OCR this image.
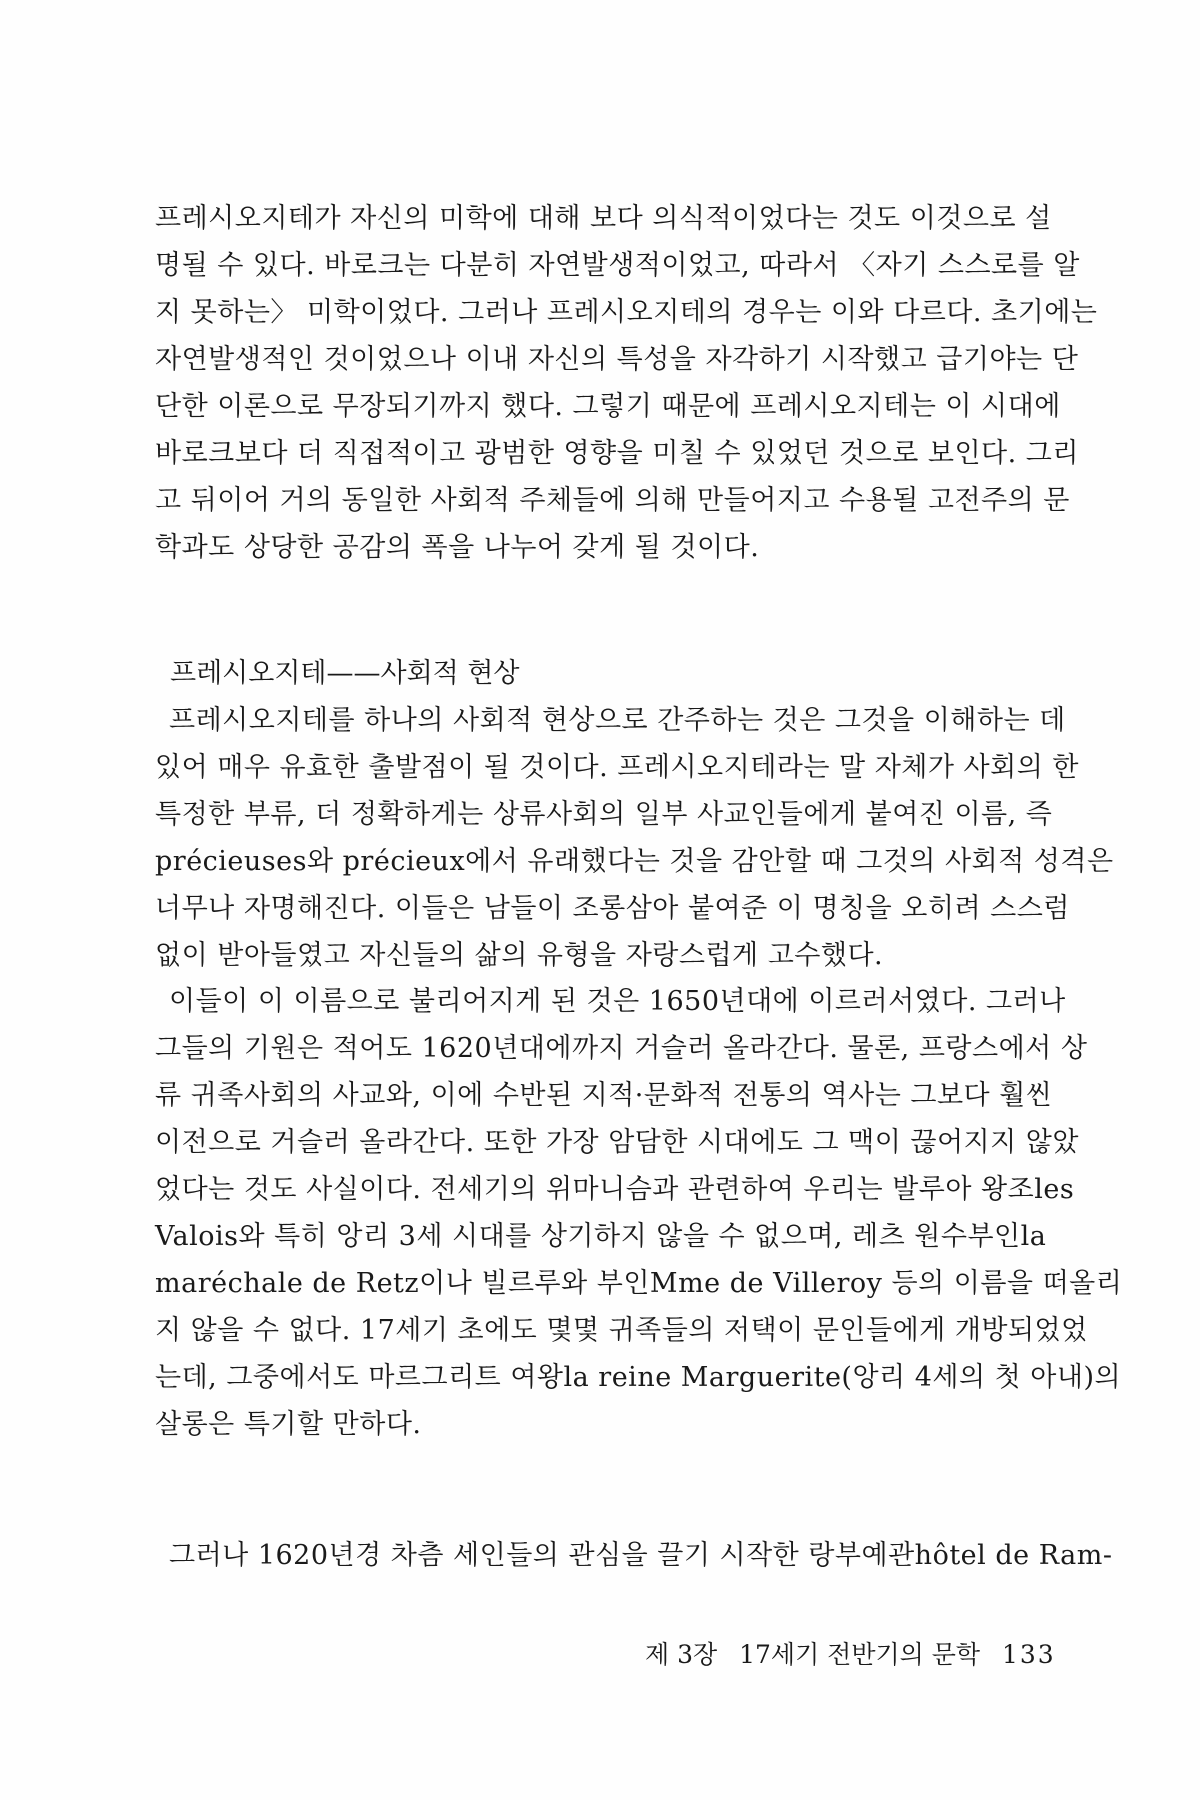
프레시오지테가 자신의 미학에 대해 보다 의식적이었다는 것도 이것으로 설
명될 수 있다. 바로크는 다분히 자연발생적이었고, 따라서 〈자기 스스로를 알
지 못하는〉 미학이었다. 그러나 프레시오지테의 경우는 이와 다르다. 초기에는
자연발생적인 것이었으나 이내 자신의 특성을 자각하기 시작했고 급기야는 단
단한 이론으로 무장되기까지 했다. 그렇기 때문에 프레시오지테는 이 시대에
바로크보다 더 직접적이고 광범한 영향을 미칠 수 있었던 것으로 보인다. 그리
고 뒤이어 거의 동일한 사회적 주체들에 의해 만들어지고 수용될 고전주의 문
학과도 상당한 공감의 폭을 나누어 갖게 될 것이다.
프레시오지테——사회적 현상
프레시오지테를 하나의 사회적 현상으로 간주하는 것은 그것을 이해하는 데
있어 매우 유효한 출발점이 될 것이다. 프레시오지테라는 말 자체가 사회의 한
특정한 부류, 더 정확하게는 상류사회의 일부 사교인들에게 붙여진 이름, 즉
précieuses와 précieux에서 유래했다는 것을 감안할 때 그것의 사회적 성격은
너무나 자명해진다. 이들은 남들이 조롱삼아 붙여준 이 명칭을 오히려 스스럼
없이 받아들였고 자신들의 삶의 유형을 자랑스럽게 고수했다.
이들이 이 이름으로 불리어지게 된 것은 1650년대에 이르러서였다. 그러나
그들의 기원은 적어도 1620년대에까지 거슬러 올라간다. 물론, 프랑스에서 상
류 귀족사회의 사교와, 이에 수반된 지적·문화적 전통의 역사는 그보다 훨씬
이전으로 거슬러 올라간다. 또한 가장 암담한 시대에도 그 맥이 끊어지지 않았
었다는 것도 사실이다. 전세기의 위마니슴과 관련하여 우리는 발루아 왕조les
Valois와 특히 앙리 3세 시대를 상기하지 않을 수 없으며, 레츠 원수부인la
maréchale de Retz이나 빌르루와 부인Mme de Villeroy 등의 이름을 떠올리
지 않을 수 없다. 17세기 초에도 몇몇 귀족들의 저택이 문인들에게 개방되었었
는데, 그중에서도 마르그리트 여왕la reine Marguerite(앙리 4세의 첫 아내)의
살롱은 특기할 만하다.
그러나 1620년경 차츰 세인들의 관심을 끌기 시작한 랑부예관hôtel de Ram-
제 3장 17세기 전반기의 문학 133
